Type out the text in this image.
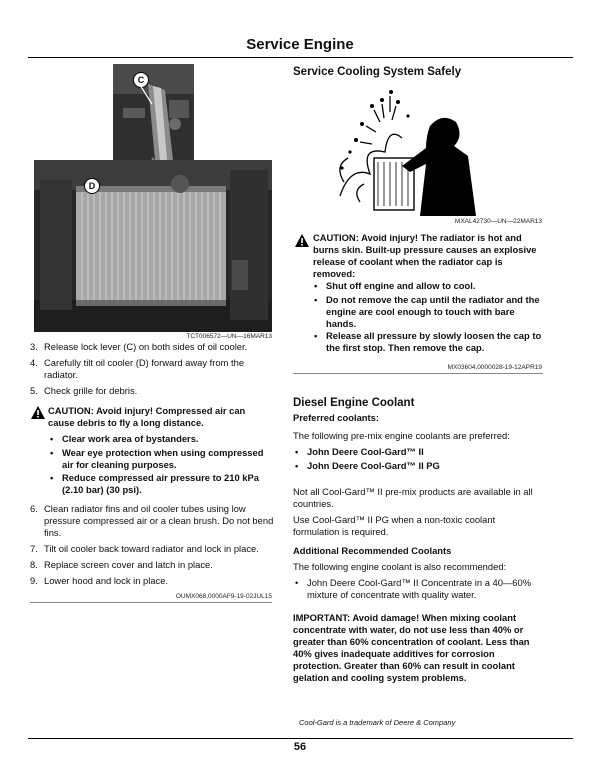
Service Engine
C
D
TCT006572—UN—16MAR13
3. Release lock lever (C) on both sides of oil cooler.
4. Carefully tilt oil cooler (D) forward away from the radiator.
5. Check grille for debris.
CAUTION: Avoid injury! Compressed air can cause debris to fly a long distance.
• Clear work area of bystanders.
• Wear eye protection when using compressed air for cleaning purposes.
• Reduce compressed air pressure to 210 kPa (2.10 bar) (30 psi).
6. Clean radiator fins and oil cooler tubes using low pressure compressed air or a clean brush. Do not bend fins.
7. Tilt oil cooler back toward radiator and lock in place.
8. Replace screen cover and latch in place.
9. Lower hood and lock in place.
OUMX068,0000AF9-19-02JUL15
Service Cooling System Safely
MXAL42730—UN—22MAR13
CAUTION: Avoid injury! The radiator is hot and burns skin. Built-up pressure causes an explosive release of coolant when the radiator cap is removed:
• Shut off engine and allow to cool.
• Do not remove the cap until the radiator and the engine are cool enough to touch with bare hands.
• Release all pressure by slowly loosen the cap to the first stop. Then remove the cap.
MX03604,0000028-19-12APR19
Diesel Engine Coolant
Preferred coolants:
The following pre-mix engine coolants are preferred:
• John Deere Cool-Gard™ II
• John Deere Cool-Gard™ II PG
Not all Cool-Gard™ II pre-mix products are available in all countries.
Use Cool-Gard™ II PG when a non-toxic coolant formulation is required.
Additional Recommended Coolants
The following engine coolant is also recommended:
• John Deere Cool-Gard™ II Concentrate in a 40—60% mixture of concentrate with quality water.
IMPORTANT: Avoid damage! When mixing coolant concentrate with water, do not use less than 40% or greater than 60% concentration of coolant. Less than 40% gives inadequate additives for corrosion protection. Greater than 60% can result in coolant gelation and cooling system problems.
Cool-Gard is a trademark of Deere & Company
56
